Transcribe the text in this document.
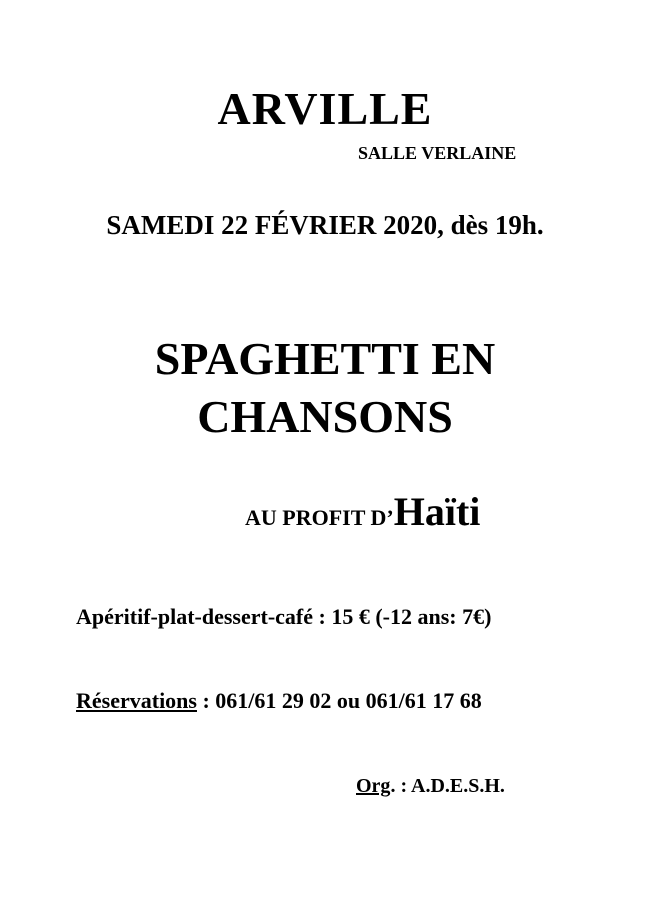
ARVILLE
SALLE VERLAINE
SAMEDI 22 FÉVRIER 2020, dès 19h.
SPAGHETTI EN
CHANSONS
AU PROFIT D’Haïti
Apéritif-plat-dessert-café : 15 € (-12 ans: 7€)
Réservations : 061/61 29 02 ou 061/61 17 68
Org. : A.D.E.S.H.
